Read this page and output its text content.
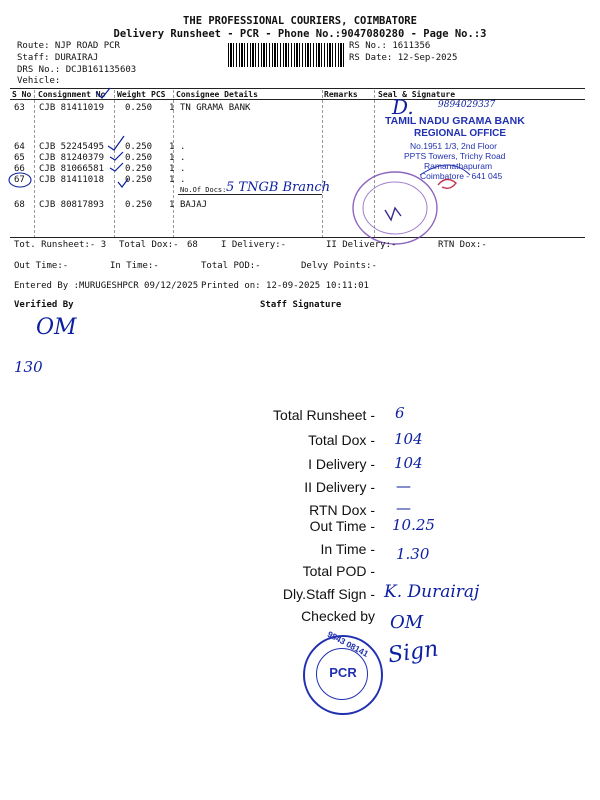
THE PROFESSIONAL COURIERS, COIMBATORE
Delivery Runsheet - PCR - Phone No.:9047080280 - Page No.:3
Route: NJP ROAD PCR
Staff: DURAIRAJ
DRS No.: DCJB161135603
Vehicle:
RS No.: 1611356
RS Date: 12-Sep-2025
S No Consignment No Weight PCS Consignee Details	Remarks	Seal & Signature
63 CJB 81411019 0.250 1 TN GRAMA BANK
64 CJB 52245495 0.250 1 .
65 CJB 81240379 0.250 1 .
66 CJB 81066581 0.250 1 .
67 CJB 81411018 0.250 1 .
No.Of Docs: 5 TNGB Branch
68 CJB 80817893 0.250 1 BAJAJ
D.	9894029337
TAMIL NADU GRAMA BANK
REGIONAL OFFICE
No.1951 1/3, 2nd Floor
PPTS Towers, Trichy Road
Ramanathapuram
Coimbatore - 641 045
Tot. Runsheet:- 3 Total Dox:- 68	I Delivery:-	II Delivery:-	RTN Dox:-
Out Time:-	In Time:-	Total POD:-	Delvy Points:-
Entered By :MURUGESHPCR 09/12/2025 Printed on: 12-09-2025 10:11:01
Verified By	Staff Signature
OM
130
Total Runsheet - 6
Total Dox - 104
I Delivery - 104
II Delivery - —
RTN Dox - —
Out Time - 10.25
In Time - 1.30
Total POD -
Dly.Staff Sign - K. Durairaj
Checked by OM
PCR
9843 08141 Sign
